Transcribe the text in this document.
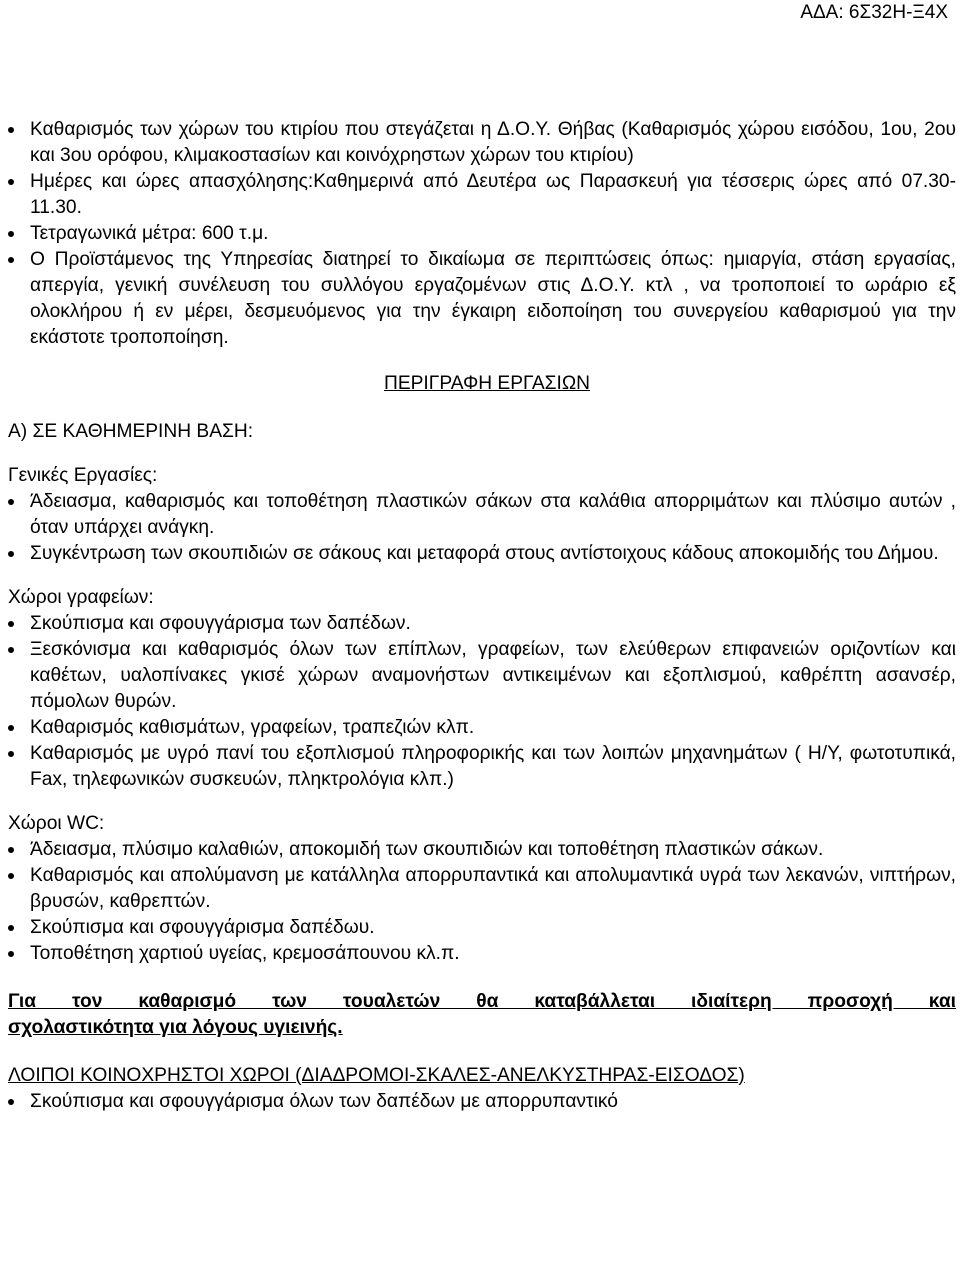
ΑΔΑ: 6Σ32Η-Ξ4Χ
Καθαρισμός των χώρων του κτιρίου που στεγάζεται η Δ.Ο.Υ. Θήβας (Καθαρισμός χώρου εισόδου, 1ου, 2ου και 3ου ορόφου, κλιμακοστασίων και κοινόχρηστων χώρων του κτιρίου)
Ημέρες και ώρες απασχόλησης:Καθημερινά από Δευτέρα ως Παρασκευή για τέσσερις ώρες από 07.30-11.30.
Τετραγωνικά μέτρα: 600 τ.μ.
Ο Προϊστάμενος της Υπηρεσίας διατηρεί το δικαίωμα σε περιπτώσεις όπως: ημιαργία, στάση εργασίας, απεργία, γενική συνέλευση του συλλόγου εργαζομένων στις Δ.Ο.Υ. κτλ , να τροποποιεί το ωράριο εξ ολοκλήρου ή εν μέρει, δεσμευόμενος για την έγκαιρη ειδοποίηση του συνεργείου καθαρισμού για την εκάστοτε τροποποίηση.
ΠΕΡΙΓΡΑΦΗ ΕΡΓΑΣΙΩΝ
Α) ΣΕ ΚΑΘΗΜΕΡΙΝΗ ΒΑΣΗ:
Γενικές Εργασίες:
Άδειασμα, καθαρισμός και τοποθέτηση πλαστικών σάκων στα καλάθια απορριμάτων και πλύσιμο αυτών , όταν υπάρχει ανάγκη.
Συγκέντρωση των σκουπιδιών σε σάκους και μεταφορά στους αντίστοιχους κάδους αποκομιδής του Δήμου.
Χώροι γραφείων:
Σκούπισμα και σφουγγάρισμα των δαπέδων.
Ξεσκόνισμα και καθαρισμός όλων των επίπλων, γραφείων, των ελεύθερων επιφανειών οριζοντίων και καθέτων, υαλοπίνακες γκισέ χώρων αναμονήστων αντικειμένων και εξοπλισμού, καθρέπτη ασανσέρ, πόμολων θυρών.
Καθαρισμός καθισμάτων, γραφείων, τραπεζιών κλπ.
Καθαρισμός με υγρό πανί του εξοπλισμού πληροφορικής και των λοιπών μηχανημάτων ( Η/Υ, φωτοτυπικά, Fax, τηλεφωνικών συσκευών, πληκτρολόγια κλπ.)
Χώροι WC:
Άδειασμα, πλύσιμο καλαθιών, αποκομιδή των σκουπιδιών και τοποθέτηση πλαστικών σάκων.
Καθαρισμός και απολύμανση με κατάλληλα απορρυπαντικά και απολυμαντικά υγρά των λεκανών, νιπτήρων, βρυσών, καθρεπτών.
Σκούπισμα και σφουγγάρισμα δαπέδωυ.
Τοποθέτηση χαρτιού υγείας, κρεμοσάπουνου κλ.π.
Για τον καθαρισμό των τουαλετών θα καταβάλλεται ιδιαίτερη προσοχή και
σχολαστικότητα για λόγους υγιεινής.
ΛΟΙΠΟΙ ΚΟΙΝΟΧΡΗΣΤΟΙ ΧΩΡΟΙ (ΔΙΑΔΡΟΜΟΙ-ΣΚΑΛΕΣ-ΑΝΕΛΚΥΣΤΗΡΑΣ-ΕΙΣΟΔΟΣ)
Σκούπισμα και σφουγγάρισμα όλων των δαπέδων με απορρυπαντικό
